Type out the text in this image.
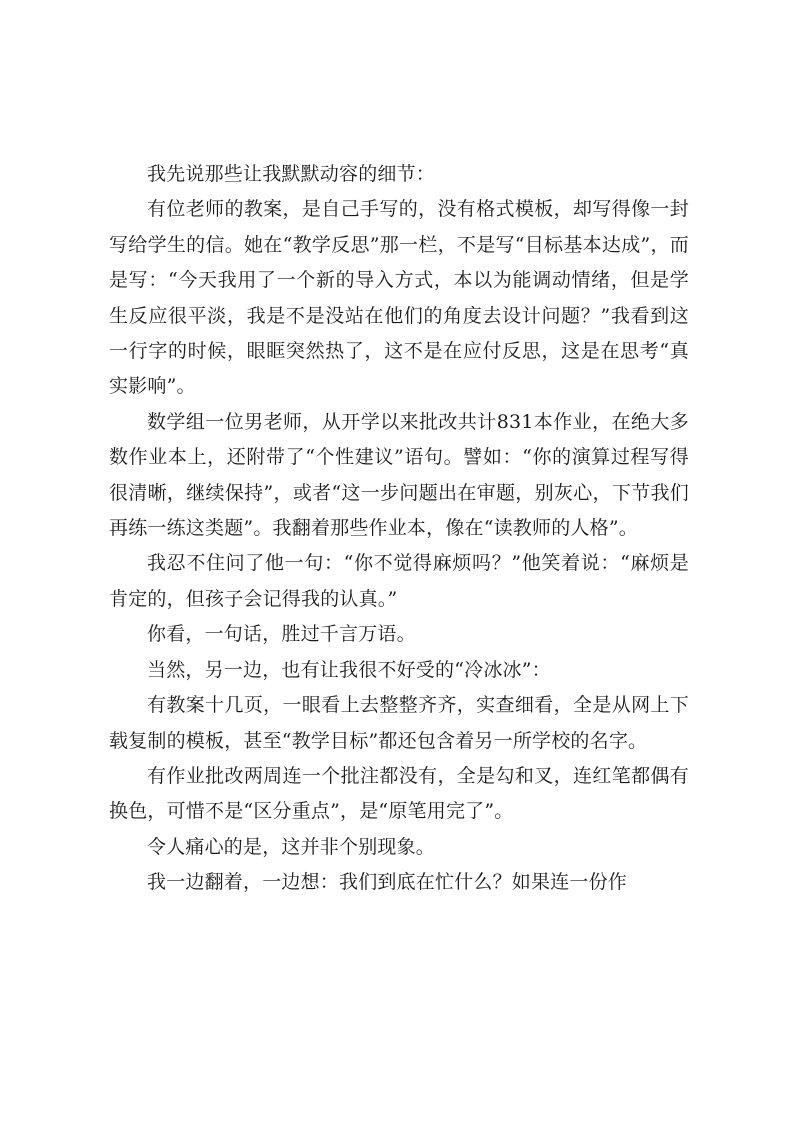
我先说那些让我默默动容的细节：

有位老师的教案，是自己手写的，没有格式模板，却写得像一封写给学生的信。她在“教学反思”那一栏，不是写“目标基本达成”，而是写：“今天我用了一个新的导入方式，本以为能调动情绪，但是学生反应很平淡，我是不是没站在他们的角度去设计问题？”我看到这一行字的时候，眼眶突然热了，这不是在应付反思，这是在思考“真实影响”。

数学组一位男老师，从开学以来批改共计831本作业，在绝大多数作业本上，还附带了“个性建议”语句。譬如：“你的演算过程写得很清晰，继续保持”，或者“这一步问题出在审题，别灰心，下节我们再练一练这类题”。我翻着那些作业本，像在“读教师的人格”。

我忍不住问了他一句：“你不觉得麻烦吗？”他笑着说：“麻烦是肯定的，但孩子会记得我的认真。”

你看，一句话，胜过千言万语。

当然，另一边，也有让我很不好受的“冷冰冰”：

有教案十几页，一眼看上去整整齐齐，实查细看，全是从网上下载复制的模板，甚至“教学目标”都还包含着另一所学校的名字。

有作业批改两周连一个批注都没有，全是勾和叉，连红笔都偶有换色，可惜不是“区分重点”，是“原笔用完了”。

令人痛心的是，这并非个别现象。

我一边翻着，一边想：我们到底在忙什么？如果连一份作
